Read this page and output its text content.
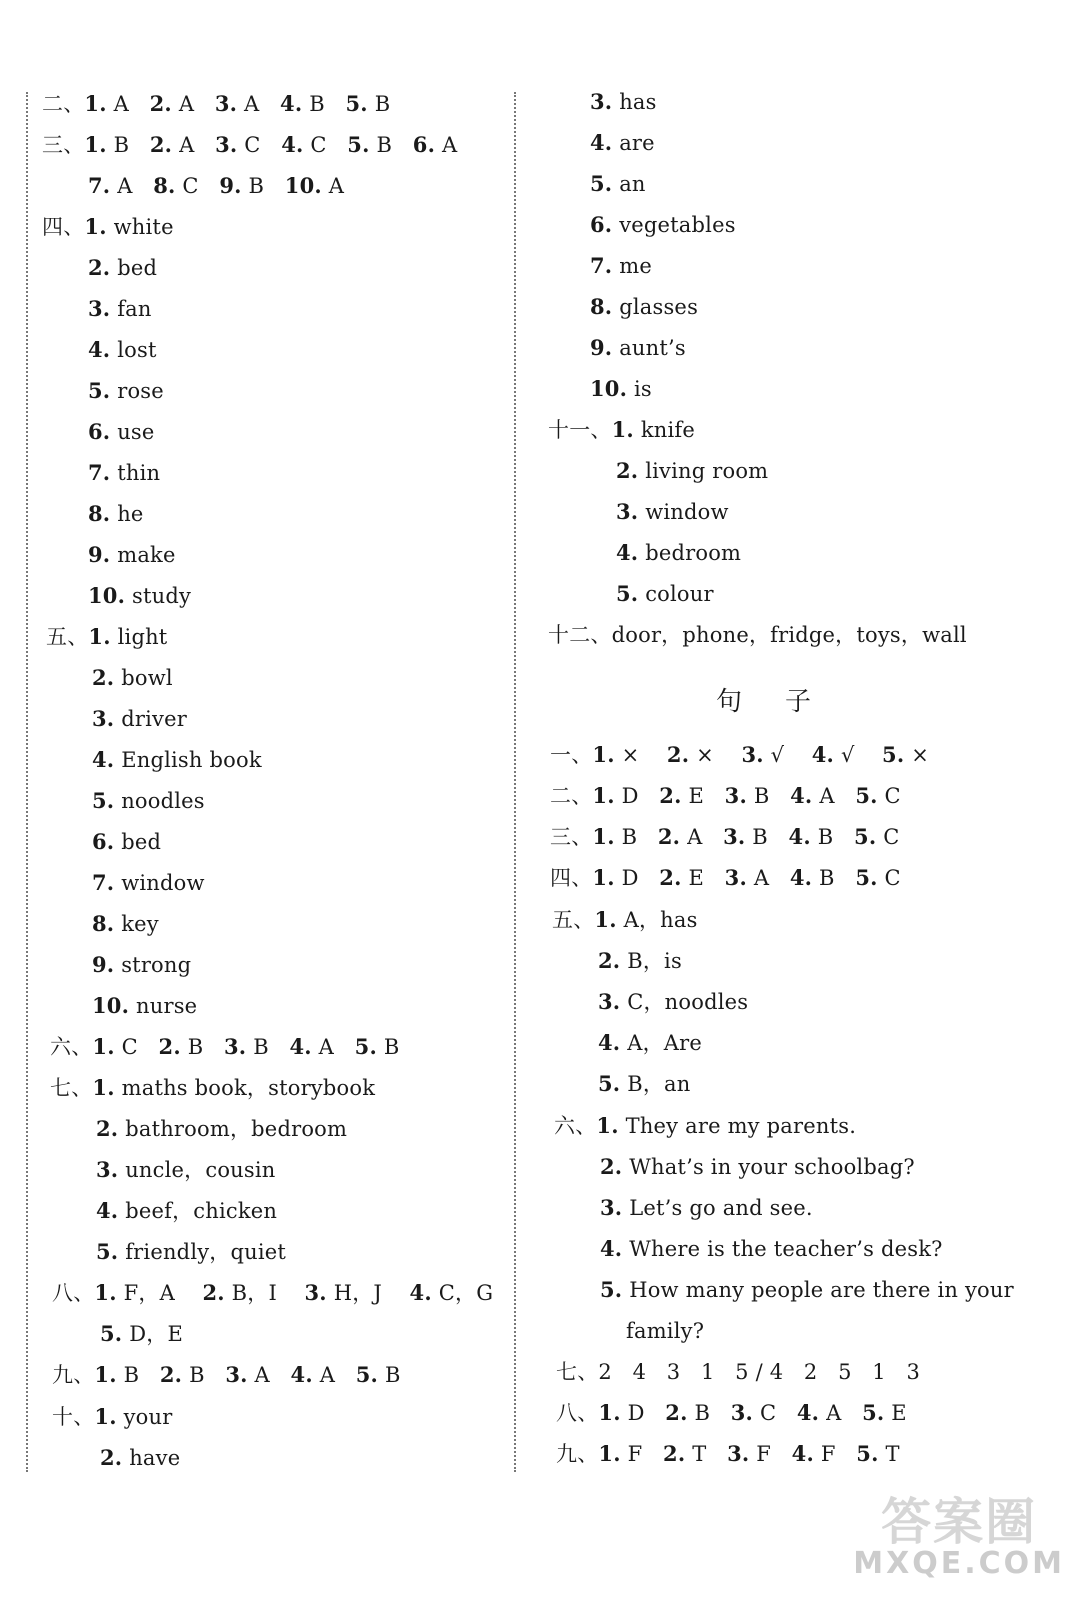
二、1. A   2. A   3. A   4. B   5. B
三、1. B   2. A   3. C   4. C   5. B   6. A
7. A   8. C   9. B   10. A
四、1. white
2. bed
3. fan
4. lost
5. rose
6. use
7. thin
8. he
9. make
10. study
五、1. light
2. bowl
3. driver
4. English book
5. noodles
6. bed
7. window
8. key
9. strong
10. nurse
六、1. C   2. B   3. B   4. A   5. B
七、1. maths book，storybook
2. bathroom，bedroom
3. uncle，cousin
4. beef，chicken
5. friendly，quiet
八、1. F，A    2. B，I    3. H，J    4. C，G
5. D，E
九、1. B   2. B   3. A   4. A   5. B
十、1. your
2. have
3. has
4. are
5. an
6. vegetables
7. me
8. glasses
9. aunt’s
10. is
十一、1. knife
2. living room
3. window
4. bedroom
5. colour
十二、door，phone，fridge，toys，wall
一、1. ×    2. ×    3. √    4. √    5. ×
二、1. D   2. E   3. B   4. A   5. C
三、1. B   2. A   3. B   4. B   5. C
四、1. D   2. E   3. A   4. B   5. C
五、1. A，has
2. B，is
3. C，noodles
4. A，Are
5. B，an
六、1. They are my parents.
2. What’s in your schoolbag?
3. Let’s go and see.
4. Where is the teacher’s desk?
5. How many people are there in your
family?
七、2   4   3   1   5 / 4   2   5   1   3
八、1. D   2. B   3. C   4. A   5. E
九、1. F   2. T   3. F   4. F   5. T
句    子
答案圈
MXQE.COM
